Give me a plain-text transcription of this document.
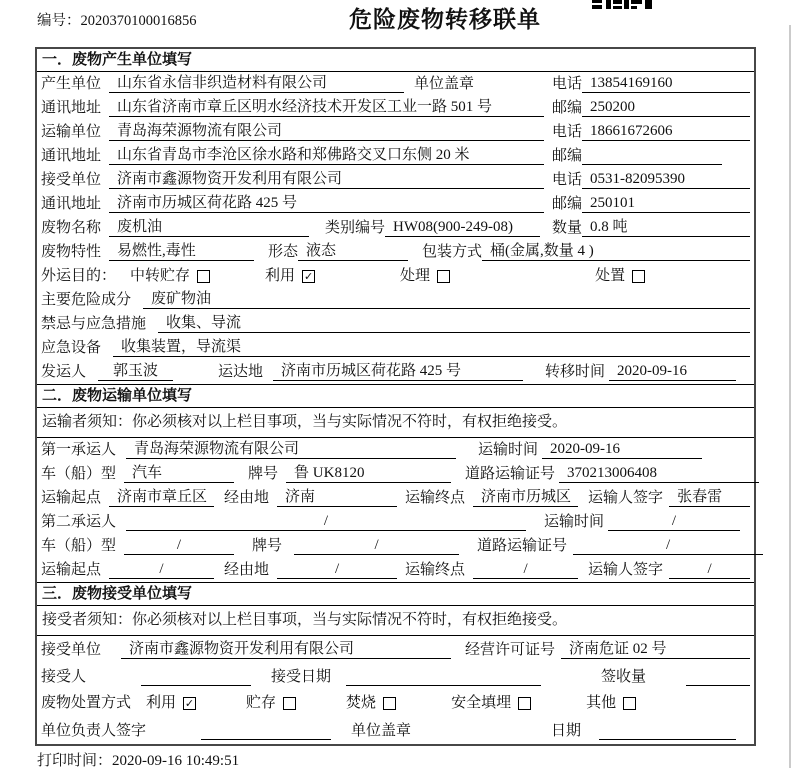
编号：2020370100016856	危险废物转移联单
一．废物产生单位填写
产生单位	山东省永信非织造材料有限公司	单位盖章	电话 13854169160
通讯地址	山东省济南市章丘区明水经济技术开发区工业一路 501 号	邮编 250200
运输单位	青岛海荣源物流有限公司	电话 18661672606
通讯地址	山东省青岛市李沧区徐水路和郑佛路交叉口东侧 20 米	邮编
接受单位	济南市鑫源物资开发利用有限公司	电话 0531-82095390
通讯地址	济南市历城区荷花路 425 号	邮编 250101
废物名称	废机油	类别编号 HW08(900-249-08)	数量 0.8 吨
废物特性	易燃性,毒性	形态 液态	包装方式 桶(金属,数量 4 )
外运目的： 中转贮存	利用 ✓	处理	处置
主要危险成分	废矿物油
禁忌与应急措施	收集、导流
应急设备	收集装置，导流渠
发运人	郭玉波	运达地	济南市历城区荷花路 425 号	转移时间 2020-09-16
二．废物运输单位填写
运输者须知：你必须核对以上栏目事项，当与实际情况不符时，有权拒绝接受。
第一承运人	青岛海荣源物流有限公司	运输时间 2020-09-16
车（船）型	汽车	牌号	鲁 UK8120	道路运输证号 370213006408
运输起点	济南市章丘区	经由地	济南	运输终点	济南市历城区	运输人签字 张春雷
第二承运人	/	运输时间	/
车（船）型	/	牌号	/	道路运输证号	/
运输起点	/	经由地	/	运输终点	/	运输人签字	/
三．废物接受单位填写
接受者须知：你必须核对以上栏目事项，当与实际情况不符时，有权拒绝接受。
接受单位	济南市鑫源物资开发利用有限公司	经营许可证号 济南危证 02 号
接受人	接受日期	签收量
废物处置方式 利用 ✓	贮存	焚烧	安全填埋	其他
单位负责人签字	单位盖章	日期
打印时间：2020-09-16 10:49:51
